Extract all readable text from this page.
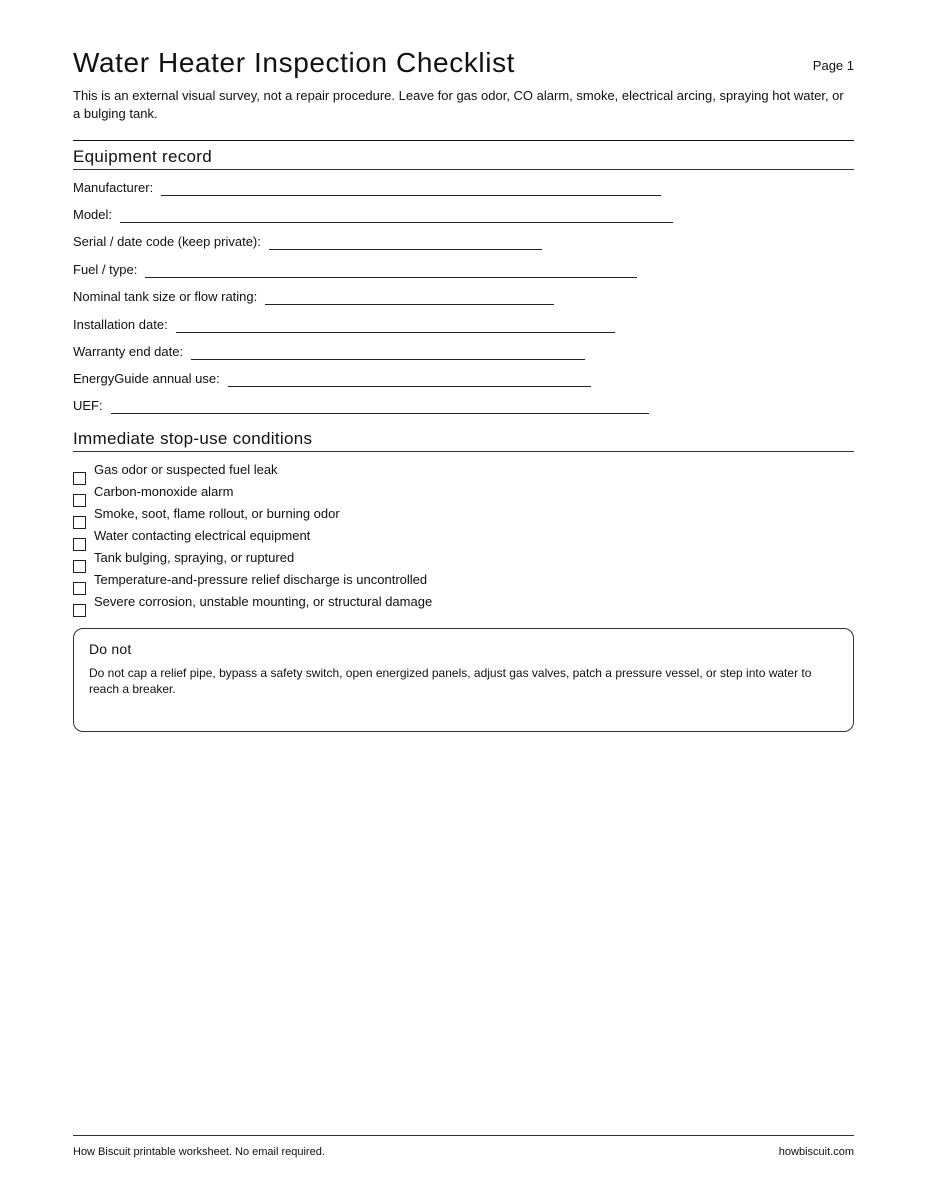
Water Heater Inspection Checklist	Page 1
This is an external visual survey, not a repair procedure. Leave for gas odor, CO alarm, smoke, electrical arcing, spraying hot water, or a bulging tank.
Equipment record
Manufacturer:
Model:
Serial / date code (keep private):
Fuel / type:
Nominal tank size or flow rating:
Installation date:
Warranty end date:
EnergyGuide annual use:
UEF:
Immediate stop-use conditions
Gas odor or suspected fuel leak
Carbon-monoxide alarm
Smoke, soot, flame rollout, or burning odor
Water contacting electrical equipment
Tank bulging, spraying, or ruptured
Temperature-and-pressure relief discharge is uncontrolled
Severe corrosion, unstable mounting, or structural damage
Do not
Do not cap a relief pipe, bypass a safety switch, open energized panels, adjust gas valves, patch a pressure vessel, or step into water to reach a breaker.
How Biscuit printable worksheet. No email required.	howbiscuit.com
